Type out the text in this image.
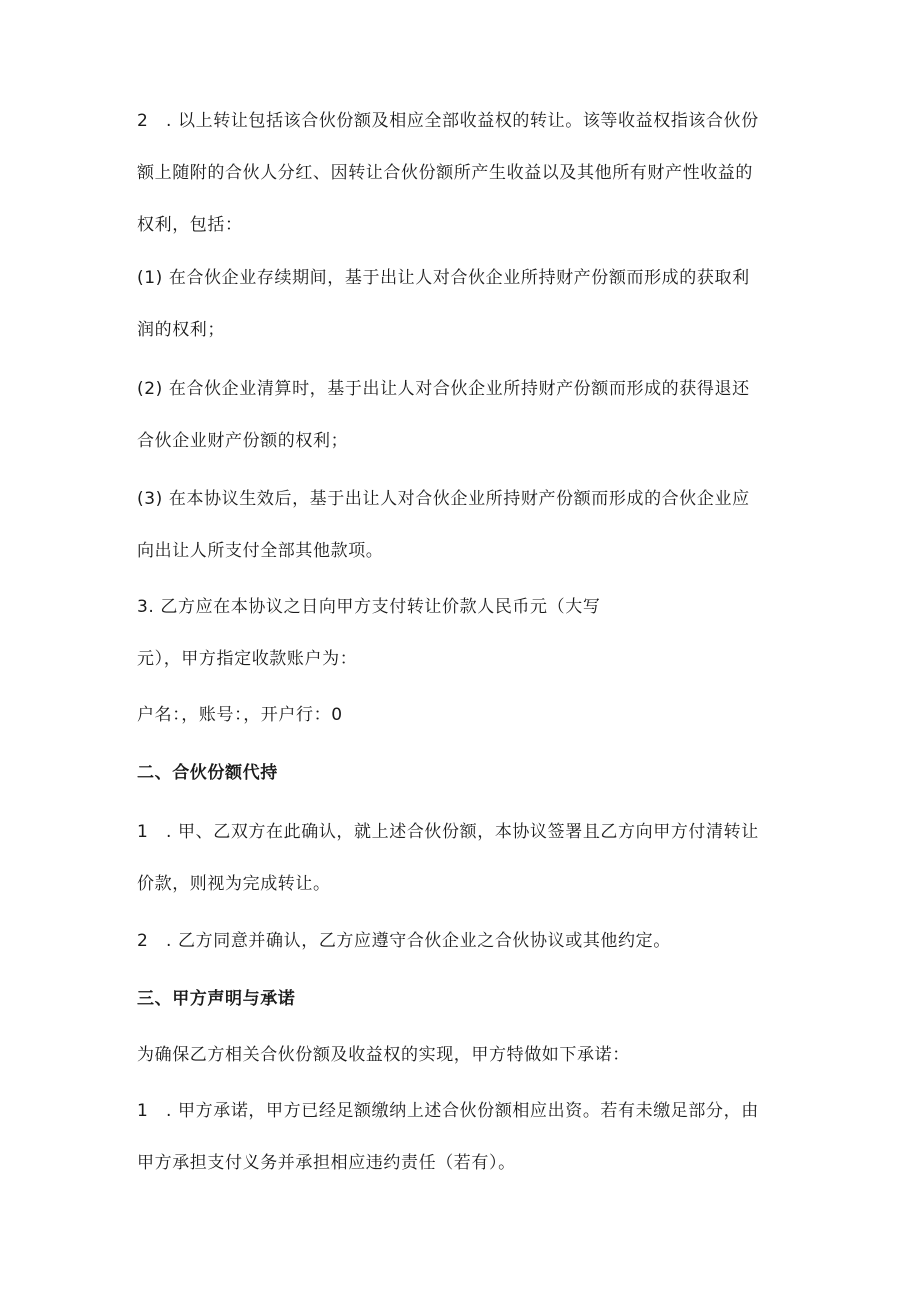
2　. 以上转让包括该合伙份额及相应全部收益权的转让。该等收益权指该合伙份
额上随附的合伙人分红、因转让合伙份额所产生收益以及其他所有财产性收益的
权利，包括：
(1) 在合伙企业存续期间，基于出让人对合伙企业所持财产份额而形成的获取利
润的权利；
(2) 在合伙企业清算时，基于出让人对合伙企业所持财产份额而形成的获得退还
合伙企业财产份额的权利；
(3) 在本协议生效后，基于出让人对合伙企业所持财产份额而形成的合伙企业应
向出让人所支付全部其他款项。
3. 乙方应在本协议之日向甲方支付转让价款人民币元（大写
元），甲方指定收款账户为：
户名：，账号：，开户行：0
二、合伙份额代持
1　. 甲、乙双方在此确认，就上述合伙份额，本协议签署且乙方向甲方付清转让
价款，则视为完成转让。
2　. 乙方同意并确认，乙方应遵守合伙企业之合伙协议或其他约定。
三、甲方声明与承诺
为确保乙方相关合伙份额及收益权的实现，甲方特做如下承诺：
1　. 甲方承诺，甲方已经足额缴纳上述合伙份额相应出资。若有未缴足部分，由
甲方承担支付义务并承担相应违约责任（若有）。
